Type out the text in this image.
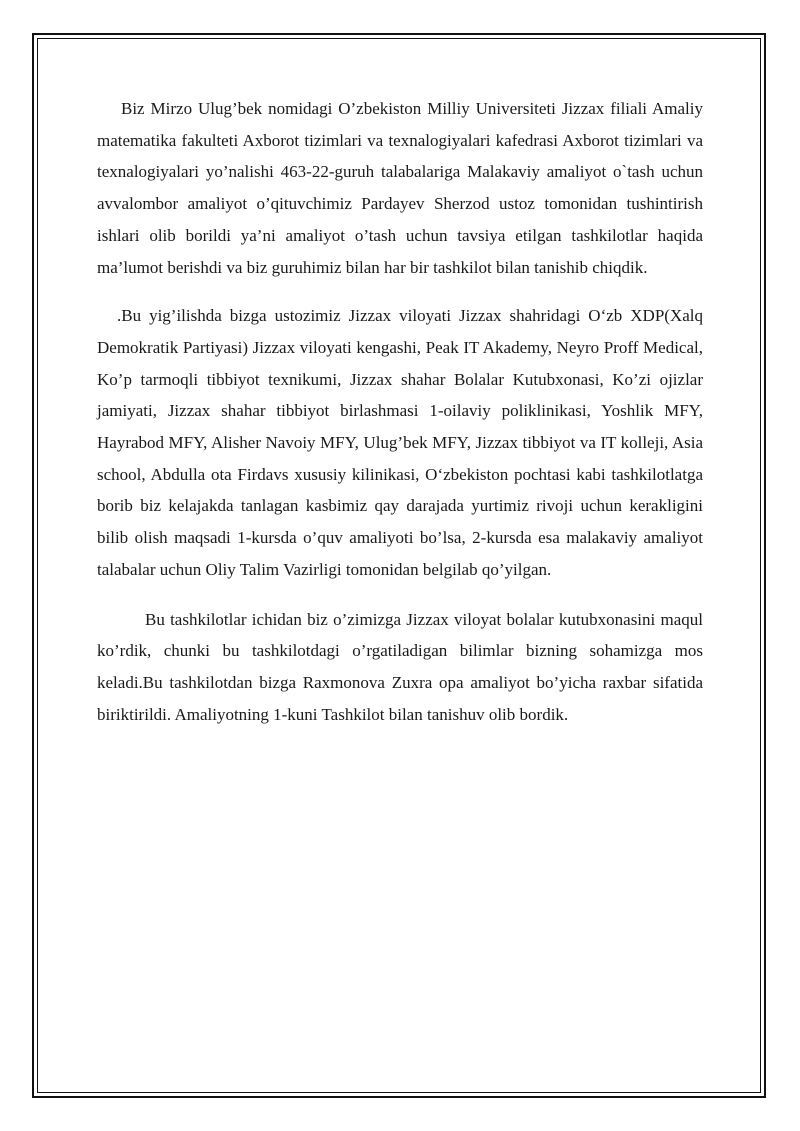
Biz Mirzo Ulug’bek nomidagi O’zbekiston Milliy Universiteti Jizzax filiali Amaliy matematika fakulteti Axborot tizimlari va texnalogiyalari kafedrasi Axborot tizimlari va texnalogiyalari yo’nalishi 463-22-guruh talabalariga Malakaviy amaliyot o`tash uchun avvalombor amaliyot o’qituvchimiz Pardayev Sherzod ustoz tomonidan tushintirish ishlari olib borildi ya’ni amaliyot o’tash uchun tavsiya etilgan tashkilotlar haqida ma’lumot berishdi va biz guruhimiz bilan har bir tashkilot bilan tanishib chiqdik.

.Bu yig’ilishda bizga ustozimiz Jizzax viloyati Jizzax shahridagi O‘zb XDP(Xalq Demokratik Partiyasi) Jizzax viloyati kengashi, Peak IT Akademy, Neyro Proff Medical, Ko’p tarmoqli tibbiyot texnikumi, Jizzax shahar Bolalar Kutubxonasi, Ko’zi ojizlar jamiyati, Jizzax shahar tibbiyot birlashmasi 1-oilaviy poliklinikasi, Yoshlik MFY, Hayrabod MFY, Alisher Navoiy MFY, Ulug’bek MFY, Jizzax tibbiyot va IT kolleji, Asia school, Abdulla ota Firdavs xususiy kilinikasi, O‘zbekiston pochtasi kabi tashkilotlatga borib biz kelajakda tanlagan kasbimiz qay darajada yurtimiz rivoji uchun kerakligini bilib olish maqsadi 1-kursda o’quv amaliyoti bo’lsa, 2-kursda esa malakaviy amaliyot talabalar uchun Oliy Talim Vazirligi tomonidan belgilab qo’yilgan.

Bu tashkilotlar ichidan biz o’zimizga Jizzax viloyat bolalar kutubxonasini maqul ko’rdik, chunki bu tashkilotdagi o’rgatiladigan bilimlar bizning sohamizga mos keladi.Bu tashkilotdan bizga Raxmonova Zuxra opa amaliyot bo’yicha raxbar sifatida biriktirildi. Amaliyotning 1-kuni Tashkilot bilan tanishuv olib bordik.
